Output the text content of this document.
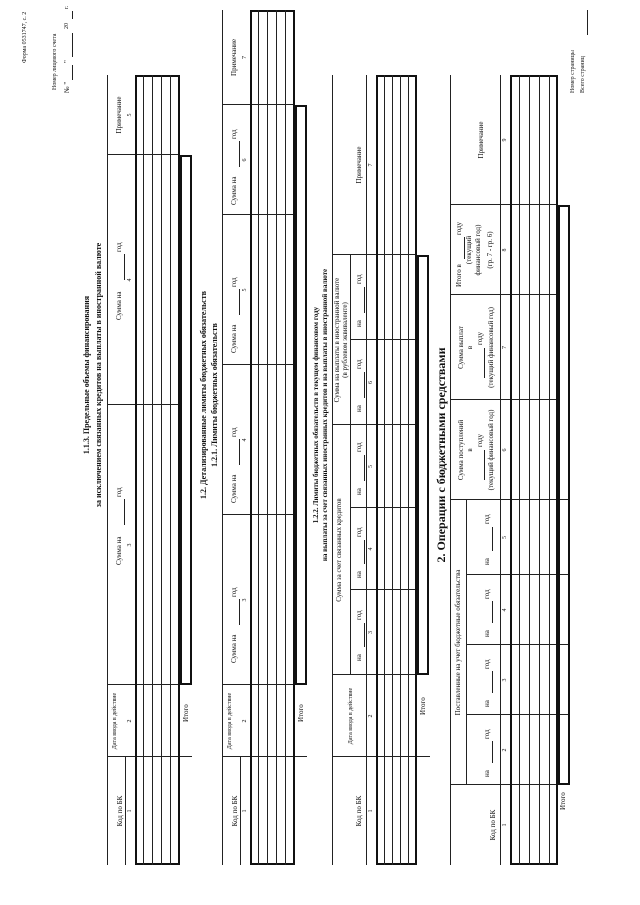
Форма 0531747, с. 2	Номер лицевого счета № "
"
20
г.
1.1.3. Предельные объемы финансирования за исключением связанных кредитов на выплаты в иностранной валюте
Код по БК
Дата ввода в действие
Сумма на
год
Сумма на
год
Примечание
1
2
3
4
5
Итого
1.2. Детализированные лимиты бюджетных обязательств 1.2.1. Лимиты бюджетных обязательств
Код по БК
Дата ввода в действие
Сумма на
год
Сумма на
год
Сумма на
год
Сумма на
год
Примечание
1
2
3
4
5
6
7
Итого
1.2.2. Лимиты бюджетных обязательств в текущем финансовом году на выплаты за счет связанных иностранных кредитов и на выплаты в иностранной валюте
Код по БК
Дата ввода в действие
Сумма за счет связанных кредитов
Сумма на выплаты в иностранной валюте (в рублевом эквиваленте)
Примечание
на
год
на
год
на
год
на
год
на
год
1
2
3
4
5
6
7
Итого
2. Операции с бюджетными средствами
Код по БК
Поставленные на учет бюджетные обязательства
на
год
на
год
на
год
на
год
Сумма поступлений в
году (текущий финансовый год)
Сумма выплат в
году (текущий финансовый год)
Итого в
году
(текущий финансовый год) (гр. 7 - гр. 6)
Примечание
1
2
3
4
5
6
7
8
9
Итого
Номер страницы Всего страниц
